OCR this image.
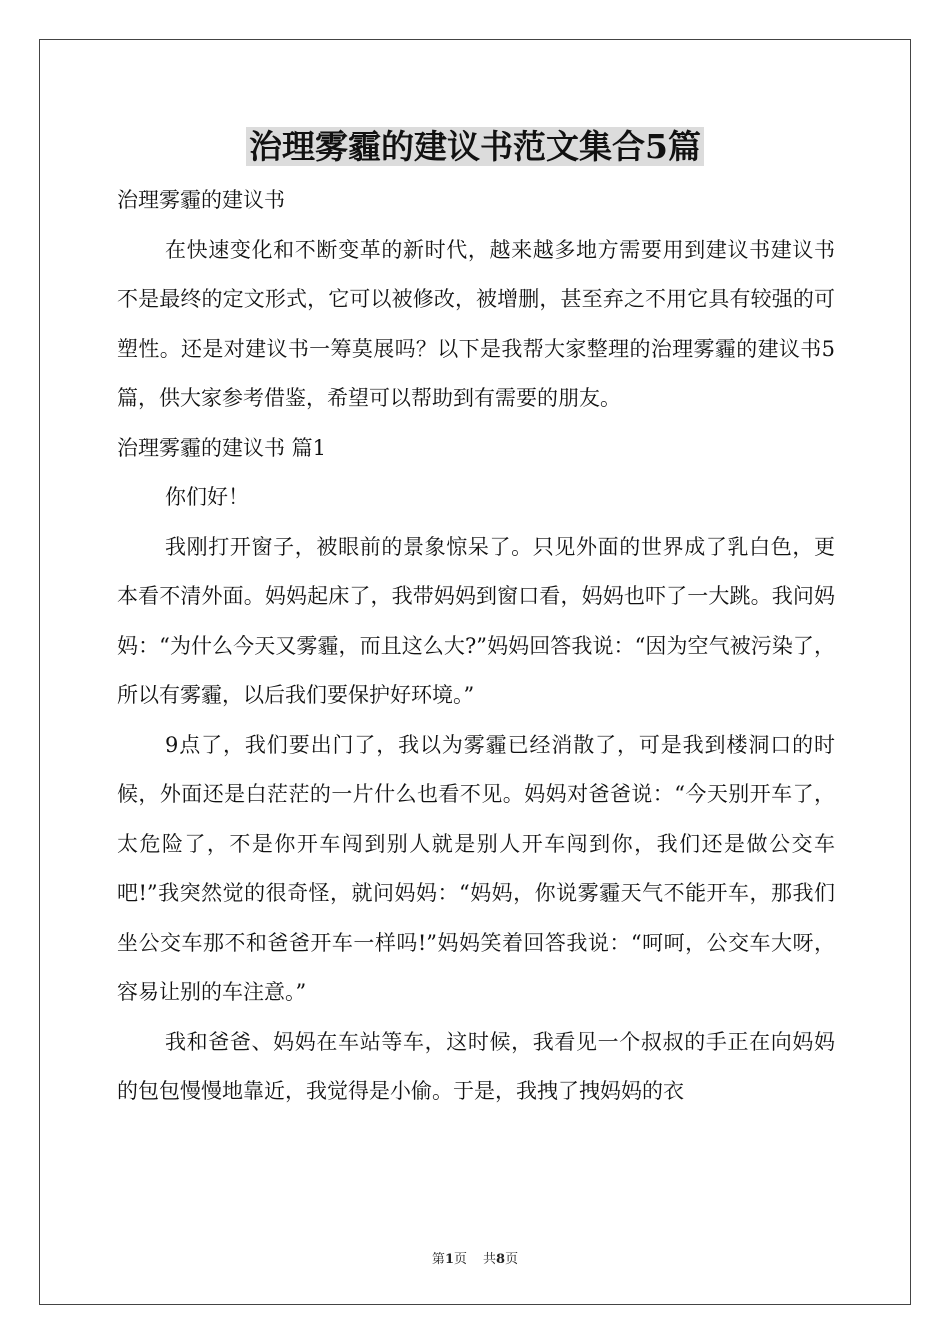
治理雾霾的建议书范文集合5篇

治理雾霾的建议书

在快速变化和不断变革的新时代，越来越多地方需要用到建议书建议书不是最终的定文形式，它可以被修改，被增删，甚至弃之不用它具有较强的可塑性。还是对建议书一筹莫展吗？以下是我帮大家整理的治理雾霾的建议书5篇，供大家参考借鉴，希望可以帮助到有需要的朋友。

治理雾霾的建议书 篇1

你们好！

我刚打开窗子，被眼前的景象惊呆了。只见外面的世界成了乳白色，更本看不清外面。妈妈起床了，我带妈妈到窗口看，妈妈也吓了一大跳。我问妈妈：“为什么今天又雾霾，而且这么大?”妈妈回答我说：“因为空气被污染了，所以有雾霾，以后我们要保护好环境。”

9点了，我们要出门了，我以为雾霾已经消散了，可是我到楼洞口的时候，外面还是白茫茫的一片什么也看不见。妈妈对爸爸说：“今天别开车了，太危险了，不是你开车闯到别人就是别人开车闯到你，我们还是做公交车吧!”我突然觉的很奇怪，就问妈妈：“妈妈，你说雾霾天气不能开车，那我们坐公交车那不和爸爸开车一样吗!”妈妈笑着回答我说：“呵呵，公交车大呀，容易让别的车注意。”

我和爸爸、妈妈在车站等车，这时候，我看见一个叔叔的手正在向妈妈的包包慢慢地靠近，我觉得是小偷。于是，我拽了拽妈妈的衣

第1页 共8页
